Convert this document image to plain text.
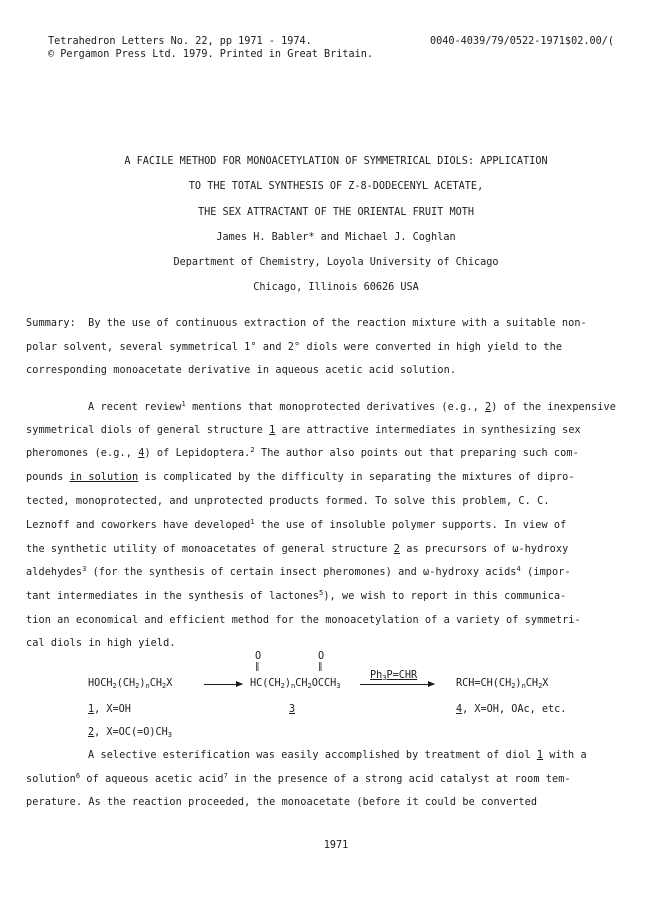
Tetrahedron Letters No. 22, pp 1971 - 1974.
© Pergamon Press Ltd. 1979. Printed in Great Britain.
0040-4039/79/0522-1971$02.00/(
A FACILE METHOD FOR MONOACETYLATION OF SYMMETRICAL DIOLS: APPLICATION
TO THE TOTAL SYNTHESIS OF Z-8-DODECENYL ACETATE,
THE SEX ATTRACTANT OF THE ORIENTAL FRUIT MOTH
James H. Babler* and Michael J. Coghlan
Department of Chemistry, Loyola University of Chicago
Chicago, Illinois 60626 USA
Summary: By the use of continuous extraction of the reaction mixture with a suitable non-
polar solvent, several symmetrical 1° and 2° diols were converted in high yield to the
corresponding monoacetate derivative in aqueous acetic acid solution.
A recent review$^1$ mentions that monoprotected derivatives (e.g., 2) of the inexpensive
symmetrical diols of general structure 1 are attractive intermediates in synthesizing sex
pheromones (e.g., 4) of Lepidoptera.$^2$ The author also points out that preparing such com-
pounds in solution is complicated by the difficulty in separating the mixtures of dipro-
tected, monoprotected, and unprotected products formed. To solve this problem, C. C.
Leznoff and coworkers have developed$^1$ the use of insoluble polymer supports. In view of
the synthetic utility of monoacetates of general structure 2 as precursors of ω-hydroxy
aldehydes$^3$ (for the synthesis of certain insect pheromones) and ω-hydroxy acids$^4$ (impor-
tant intermediates in the synthesis of lactones$^5$), we wish to report in this communica-
tion an economical and efficient method for the monoacetylation of a variety of symmetri-
cal diols in high yield.
$HOCH_2(CH_2)_nCH_2X$
O
‖
O
‖
$HC(CH_2)_nCH_2OCCH_3$
$Ph_3P=CHR$
$RCH=CH(CH_2)_nCH_2X$
1, X=OH	3	4, X=OH, OAc, etc.
2, $X=OC(=O)CH_3$
A selective esterification was easily accomplished by treatment of diol 1 with a
solution$^6$ of aqueous acetic acid$^7$ in the presence of a strong acid catalyst at room tem-
perature. As the reaction proceeded, the monoacetate (before it could be converted
1971
